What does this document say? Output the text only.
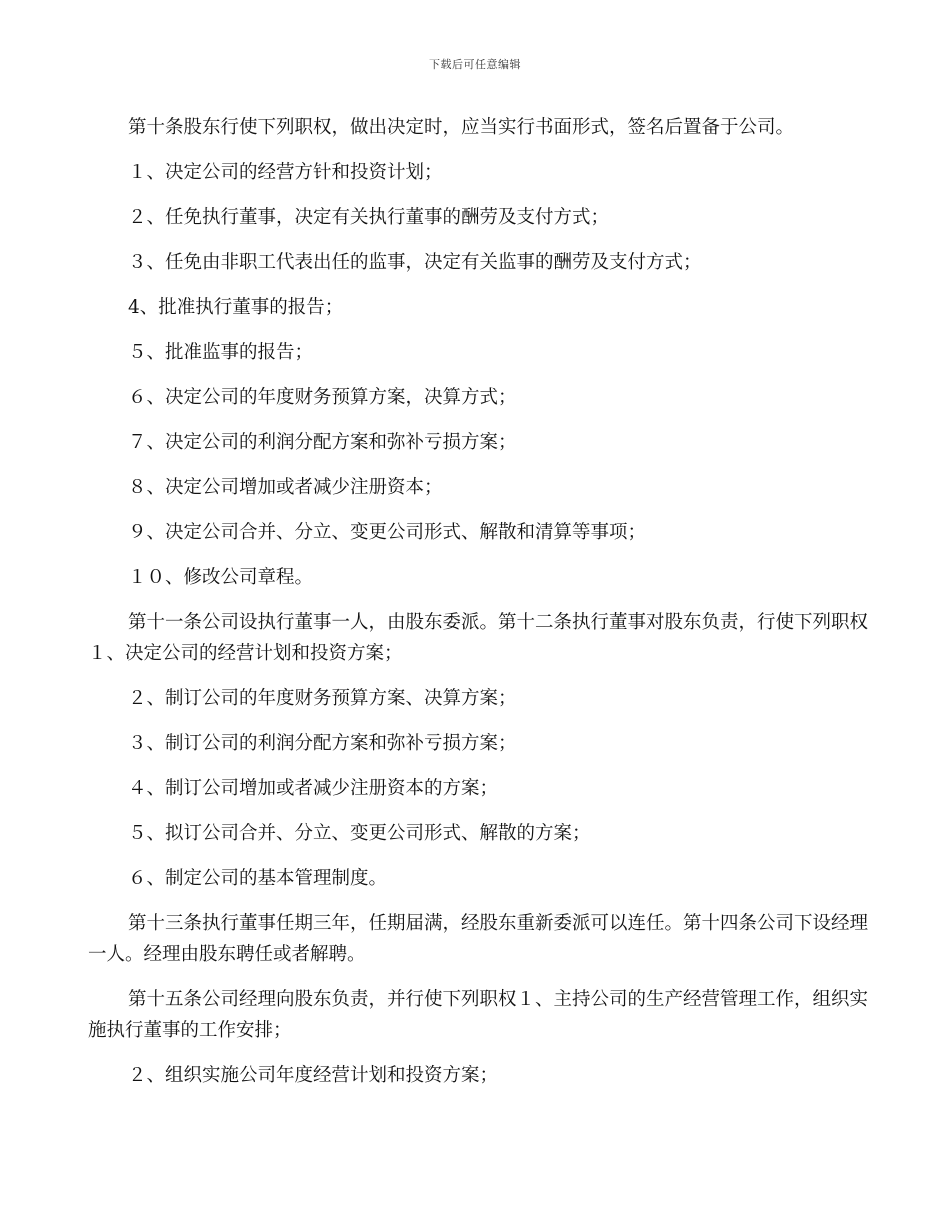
下载后可任意编辑

第十条股东行使下列职权，做出决定时，应当实行书面形式，签名后置备于公司。

１、决定公司的经营方针和投资计划；

２、任免执行董事，决定有关执行董事的酬劳及支付方式；

３、任免由非职工代表出任的监事，决定有关监事的酬劳及支付方式；

4、批准执行董事的报告；

５、批准监事的报告；

６、决定公司的年度财务预算方案，决算方式；

７、决定公司的利润分配方案和弥补亏损方案；

８、决定公司增加或者减少注册资本；

９、决定公司合并、分立、变更公司形式、解散和清算等事项；

１０、修改公司章程。

第十一条公司设执行董事一人，由股东委派。第十二条执行董事对股东负责，行使下列职权１、决定公司的经营计划和投资方案；

２、制订公司的年度财务预算方案、决算方案；

３、制订公司的利润分配方案和弥补亏损方案；

４、制订公司增加或者减少注册资本的方案；

５、拟订公司合并、分立、变更公司形式、解散的方案；

６、制定公司的基本管理制度。

第十三条执行董事任期三年，任期届满，经股东重新委派可以连任。第十四条公司下设经理一人。经理由股东聘任或者解聘。

第十五条公司经理向股东负责，并行使下列职权１、主持公司的生产经营管理工作，组织实施执行董事的工作安排；

２、组织实施公司年度经营计划和投资方案；
